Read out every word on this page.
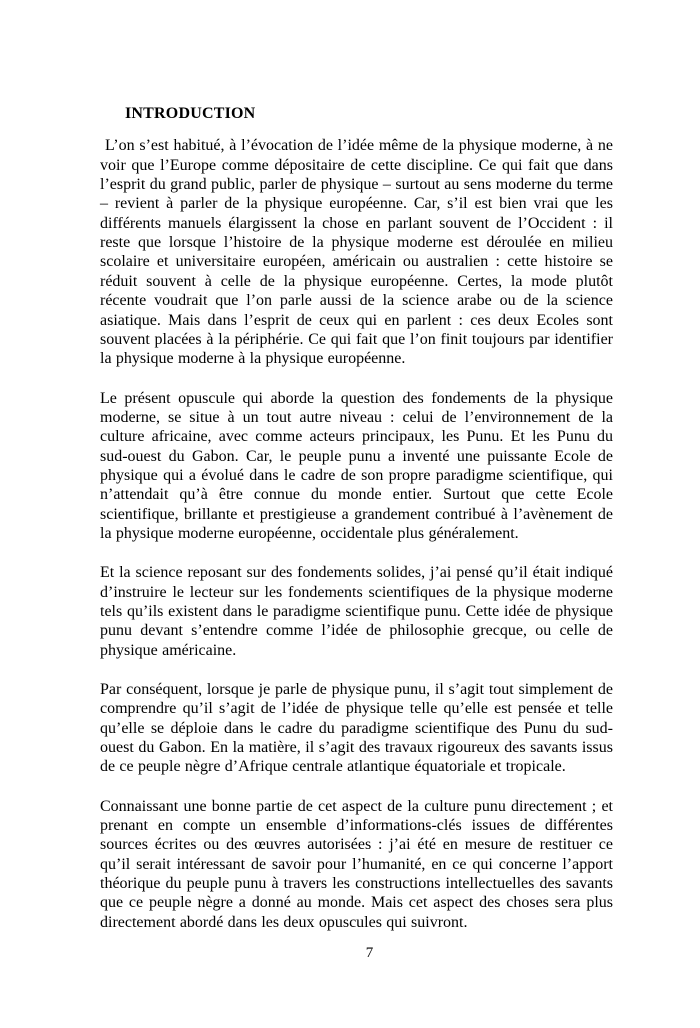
INTRODUCTION

L’on s’est habitué, à l’évocation de l’idée même de la physique moderne, à ne voir que l’Europe comme dépositaire de cette discipline. Ce qui fait que dans l’esprit du grand public, parler de physique – surtout au sens moderne du terme – revient à parler de la physique européenne. Car, s’il est bien vrai que les différents manuels élargissent la chose en parlant souvent de l’Occident : il reste que lorsque l’histoire de la physique moderne est déroulée en milieu scolaire et universitaire européen, américain ou australien : cette histoire se réduit souvent à celle de la physique européenne. Certes, la mode plutôt récente voudrait que l’on parle aussi de la science arabe ou de la science asiatique. Mais dans l’esprit de ceux qui en parlent : ces deux Ecoles sont souvent placées à la périphérie. Ce qui fait que l’on finit toujours par identifier la physique moderne à la physique européenne.

Le présent opuscule qui aborde la question des fondements de la physique moderne, se situe à un tout autre niveau : celui de l’environnement de la culture africaine, avec comme acteurs principaux, les Punu. Et les Punu du sud-ouest du Gabon. Car, le peuple punu a inventé une puissante Ecole de physique qui a évolué dans le cadre de son propre paradigme scientifique, qui n’attendait qu’à être connue du monde entier. Surtout que cette Ecole scientifique, brillante et prestigieuse a grandement contribué à l’avènement de la physique moderne européenne, occidentale plus généralement.

Et la science reposant sur des fondements solides, j’ai pensé qu’il était indiqué d’instruire le lecteur sur les fondements scientifiques de la physique moderne tels qu’ils existent dans le paradigme scientifique punu. Cette idée de physique punu devant s’entendre comme l’idée de philosophie grecque, ou celle de physique américaine.

Par conséquent, lorsque je parle de physique punu, il s’agit tout simplement de comprendre qu’il s’agit de l’idée de physique telle qu’elle est pensée et telle qu’elle se déploie dans le cadre du paradigme scientifique des Punu du sud-ouest du Gabon. En la matière, il s’agit des travaux rigoureux des savants issus de ce peuple nègre d’Afrique centrale atlantique équatoriale et tropicale.

Connaissant une bonne partie de cet aspect de la culture punu directement ; et prenant en compte un ensemble d’informations-clés issues de différentes sources écrites ou des œuvres autorisées : j’ai été en mesure de restituer ce qu’il serait intéressant de savoir pour l’humanité, en ce qui concerne l’apport théorique du peuple punu à travers les constructions intellectuelles des savants que ce peuple nègre a donné au monde. Mais cet aspect des choses sera plus directement abordé dans les deux opuscules qui suivront.

7
